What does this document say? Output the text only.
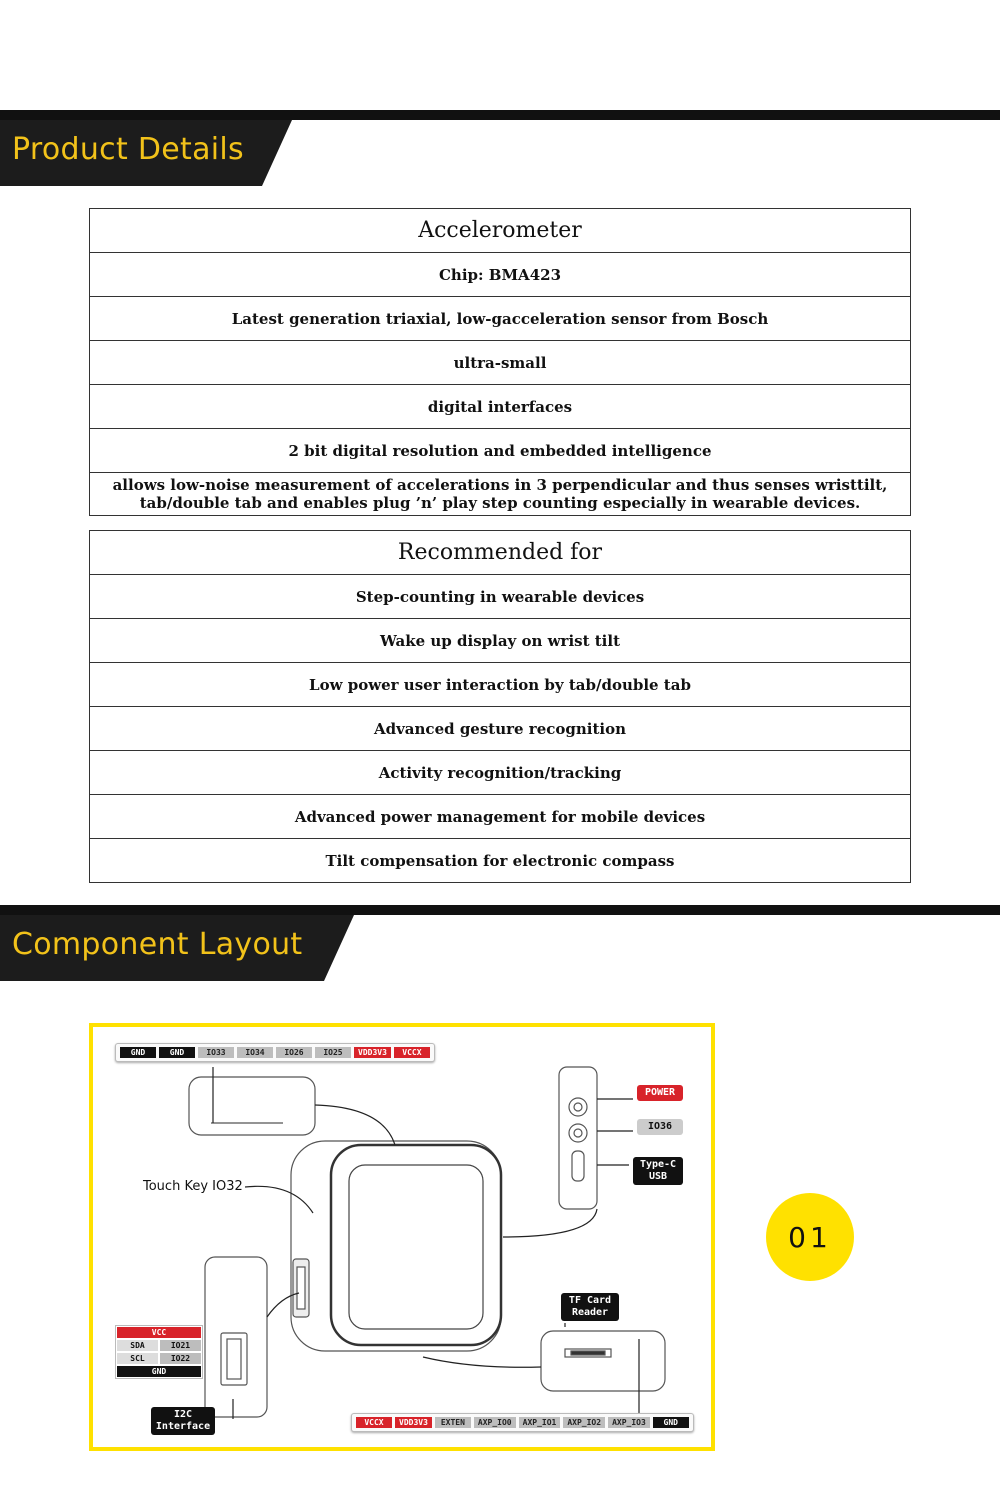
Product Details
Accelerometer
Chip: BMA423
Latest generation triaxial, low-gacceleration sensor from Bosch
ultra-small
digital interfaces
2 bit digital resolution and embedded intelligence
allows low-noise measurement of accelerations in 3 perpendicular and thus senses wristtilt, tab/double tab and enables plug ’n’ play step counting especially in wearable devices.
Recommended for
Step-counting in wearable devices
Wake up display on wrist tilt
Low power user interaction by tab/double tab
Advanced gesture recognition
Activity recognition/tracking
Advanced power management for mobile devices
Tilt compensation for electronic compass
Component Layout
GND	GND	IO33	IO34	IO26	IO25	VDD3V3	VCCX
POWER
IO36
Type-C
USB
Touch Key IO32
TF Card
Reader
VCC
SDA	IO21
SCL	IO22
GND
I2C
Interface	VCCX	VDD3V3	EXTEN	AXP_IO0	AXP_IO1	AXP_IO2	AXP_IO3	GND
01
